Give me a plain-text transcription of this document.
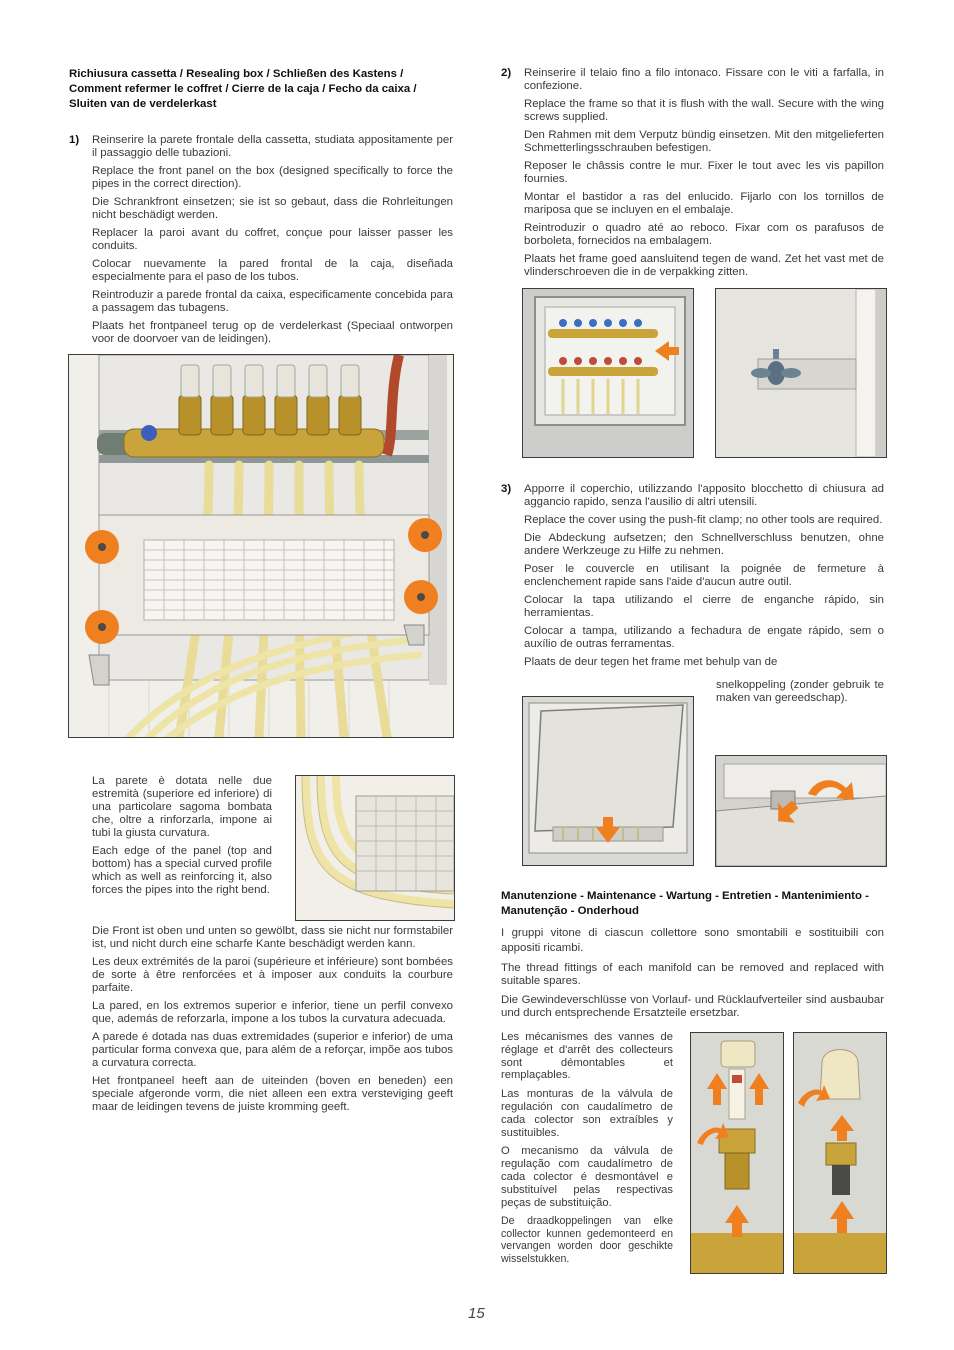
Richiusura cassetta / Resealing box / Schließen des Kastens / Comment refermer le coffret / Cierre de la caja / Fecho da caixa / Sluiten van de verdelerkast
1) Reinserire la parete frontale della cassetta, studiata appositamente per il passaggio delle tubazioni.

Replace the front panel on the box (designed specifically to force the pipes in the correct direction).

Die Schrankfront einsetzen; sie ist so gebaut, dass die Rohrleitungen nicht beschädigt werden.

Replacer la paroi avant du coffret, conçue pour laisser passer les conduits.

Colocar nuevamente la pared frontal de la caja, diseñada especialmente para el paso de los tubos.

Reintroduzir a parede frontal da caixa, especificamente concebida para a passagem das tubagens.

Plaats het frontpaneel terug op de verdelerkast (Speciaal ontworpen voor de doorvoer van de leidingen).

La parete è dotata nelle due estremità (superiore ed inferiore) di una particolare sagoma bombata che, oltre a rinforzarla, impone ai tubi la giusta curvatura.

Each edge of the panel (top and bottom) has a special curved profile which as well as reinforcing it, also forces the pipes into the right bend.

Die Front ist oben und unten so gewölbt, dass sie nicht nur formstabiler ist, und nicht durch eine scharfe Kante beschädigt werden kann.

Les deux extrémités de la paroi (supérieure et inférieure) sont bombées de sorte à être renforcées et à imposer aux conduits la courbure parfaite.

La pared, en los extremos superior e inferior, tiene un perfil convexo que, además de reforzarla, impone a los tubos la curvatura adecuada.

A parede é dotada nas duas extremidades (superior e inferior) de uma particular forma convexa que, para além de a reforçar, impõe aos tubos a curvatura correcta.

Het frontpaneel heeft aan de uiteinden (boven en beneden) een speciale afgeronde vorm, die niet alleen een extra versteviging geeft maar de leidingen tevens de juiste kromming geeft.

2) Reinserire il telaio fino a filo intonaco. Fissare con le viti a farfalla, in confezione.

Replace the frame so that it is flush with the wall. Secure with the wing screws supplied.

Den Rahmen mit dem Verputz bündig einsetzen. Mit den mitgelieferten Schmetterlingsschrauben befestigen.

Reposer le châssis contre le mur. Fixer le tout avec les vis papillon fournies.

Montar el bastidor a ras del enlucido. Fijarlo con los tornillos de mariposa que se incluyen en el embalaje.

Reintroduzir o quadro até ao reboco. Fixar com os parafusos de borboleta, fornecidos na embalagem.

Plaats het frame goed aansluitend tegen de wand. Zet het vast met de vlinderschroeven die in de verpakking zitten.

3) Apporre il coperchio, utilizzando l'apposito blocchetto di chiusura ad aggancio rapido, senza l'ausilio di altri utensili.

Replace the cover using the push-fit clamp; no other tools are required.

Die Abdeckung aufsetzen; den Schnellverschluss benutzen, ohne andere Werkzeuge zu Hilfe zu nehmen.

Poser le couvercle en utilisant la poignée de fermeture à enclenchement rapide sans l'aide d'aucun autre outil.

Colocar la tapa utilizando el cierre de enganche rápido, sin herramientas.

Colocar a tampa, utilizando a fechadura de engate rápido, sem o auxílio de outras ferramentas.

Plaats de deur tegen het frame met behulp van de

snelkoppeling (zonder gebruik te maken van gereedschap).

Manutenzione - Maintenance - Wartung - Entretien - Mantenimiento - Manutenção - Onderhoud

I gruppi vitone di ciascun collettore sono smontabili e sostituibili con appositi ricambi.

The thread fittings of each manifold can be removed and replaced with suitable spares.

Die Gewindeverschlüsse von Vorlauf- und Rücklaufverteiler sind ausbaubar und durch entsprechende Ersatzteile ersetzbar.

Les mécanismes des vannes de réglage et d'arrêt des collecteurs sont démontables et remplaçables.

Las monturas de la válvula de regulación con caudalímetro de cada colector son extraíbles y sustituibles.

O mecanismo da válvula de regulação com caudalímetro de cada colector é desmontável e substituível pelas respectivas peças de substituição.

De draadkoppelingen van elke collector kunnen gedemonteerd en vervangen worden door geschikte wisselstukken.

15
